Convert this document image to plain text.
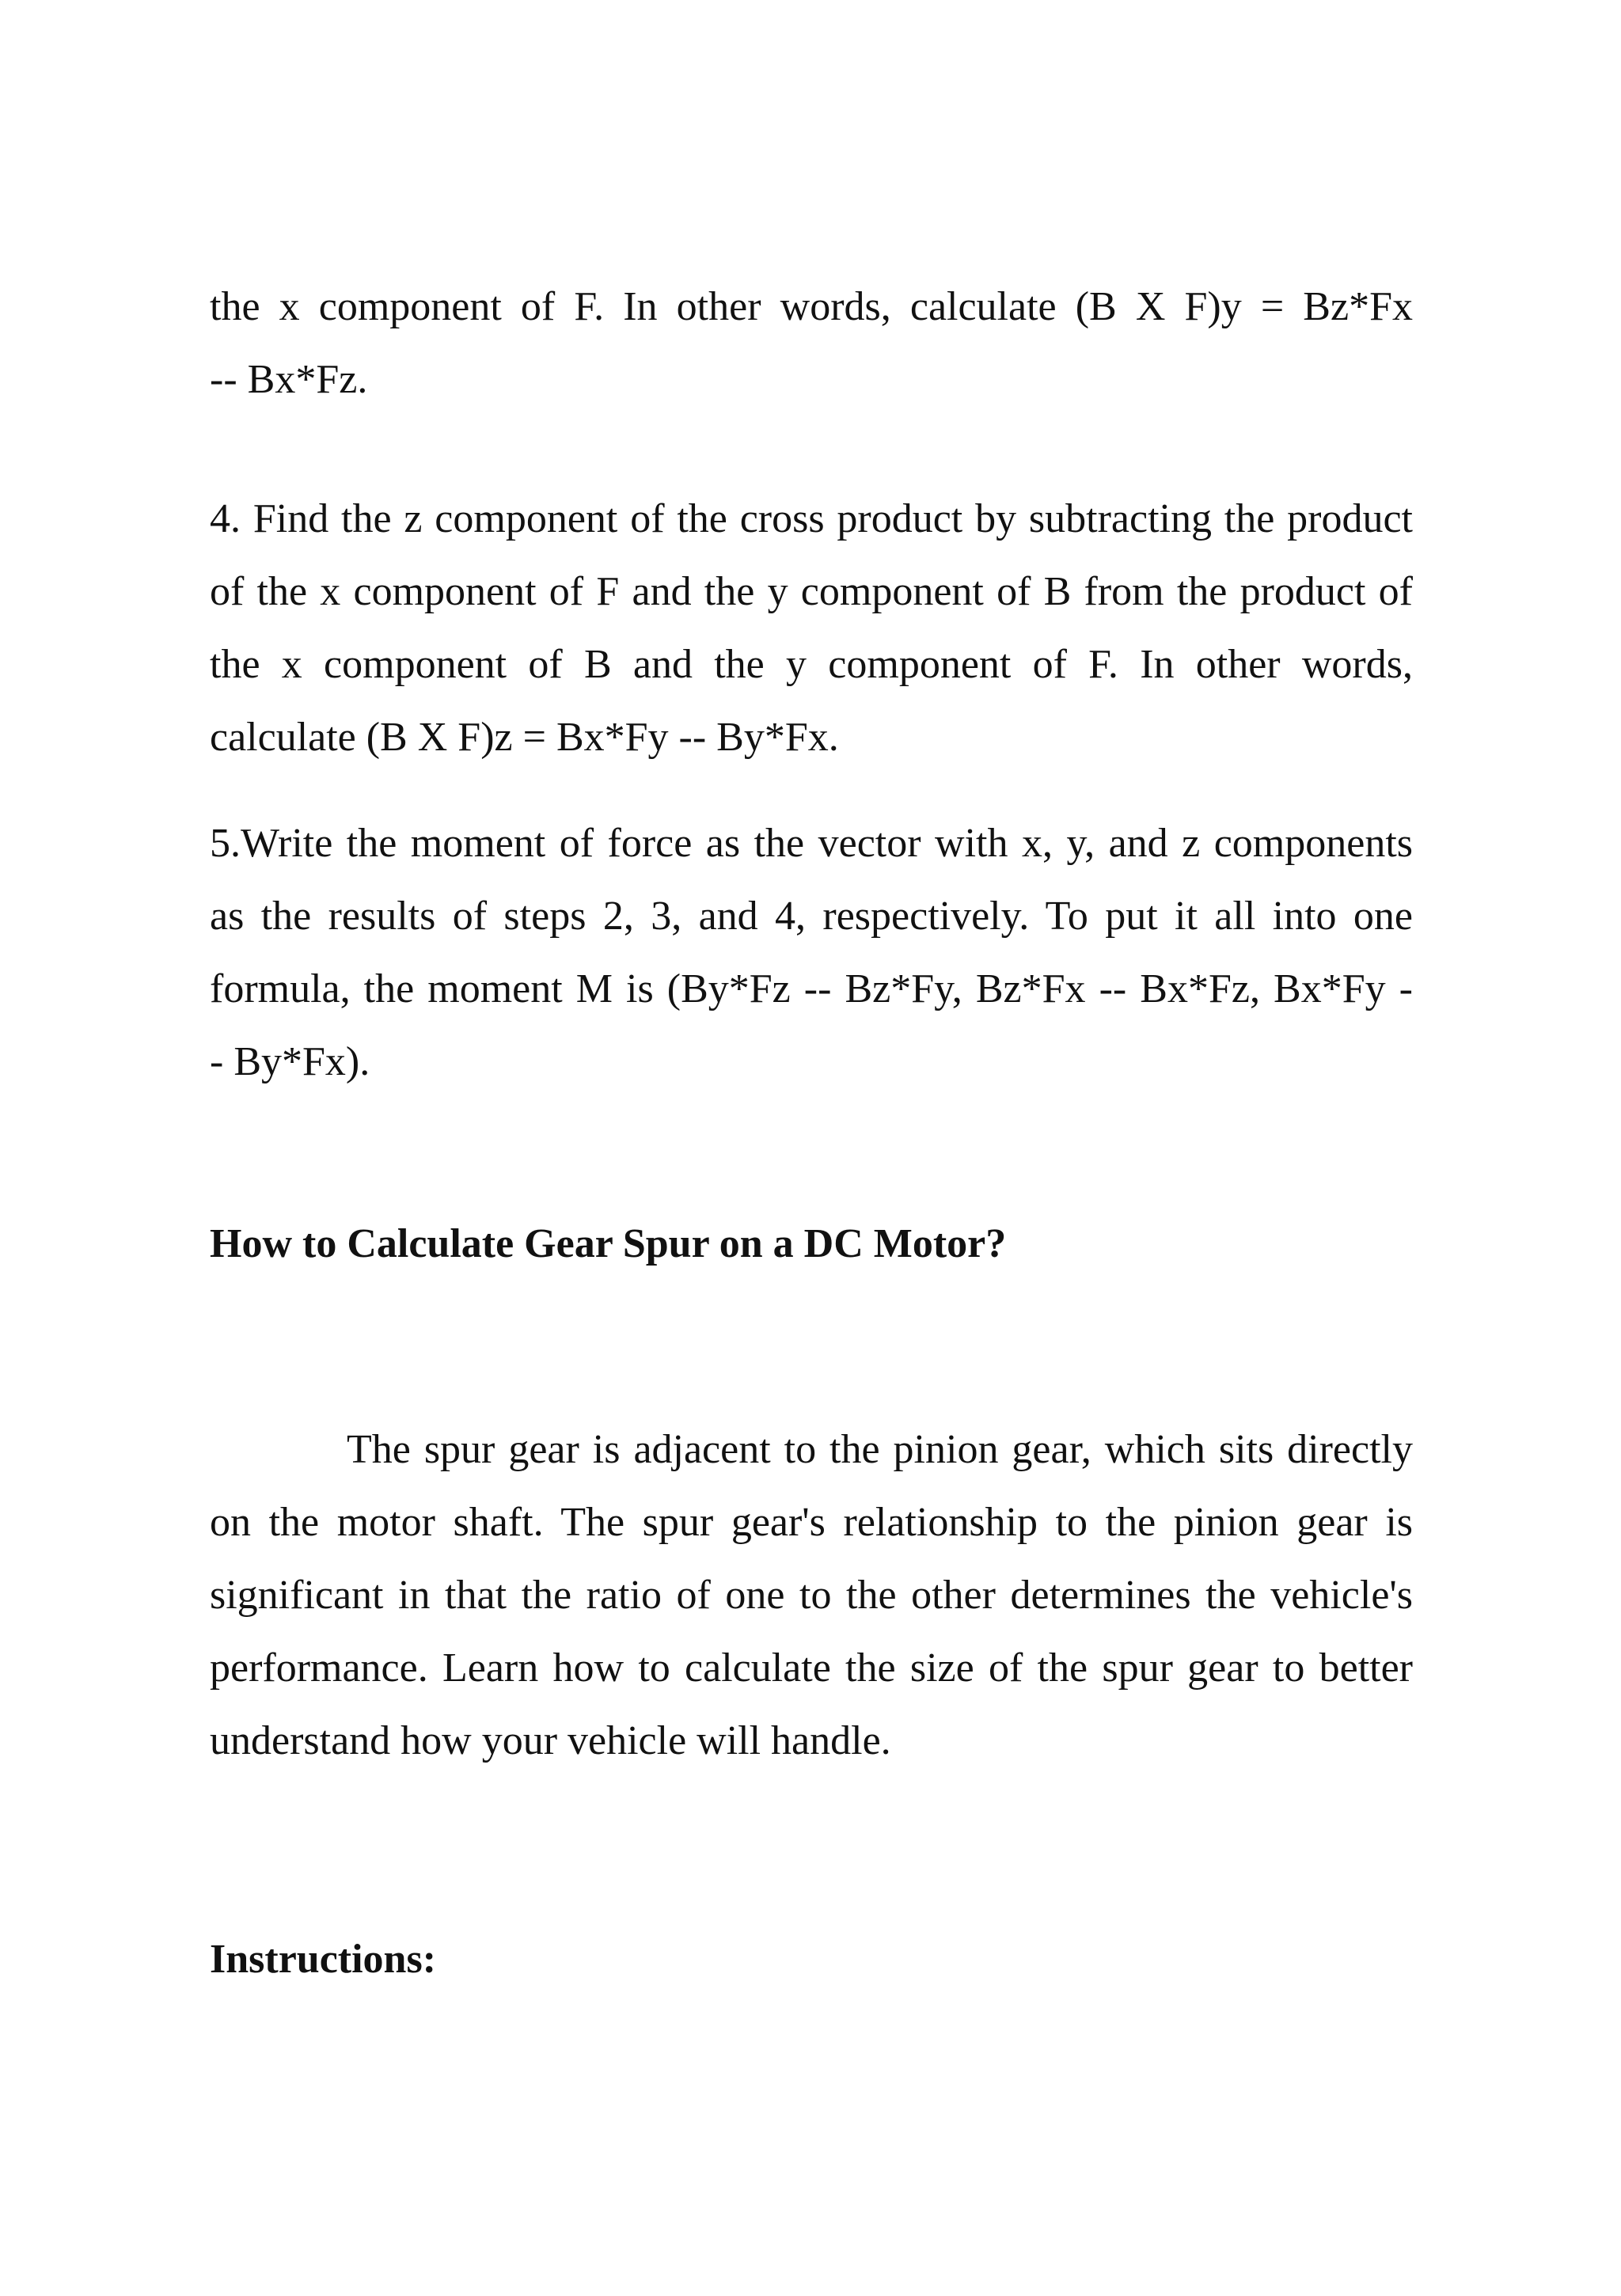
the x component of F. In other words, calculate (B X F)y = Bz*Fx

-- Bx*Fz.

4. Find the z component of the cross product by subtracting the product

of the x component of F and the y component of B from the product of

the x component of B and the y component of F. In other words,

calculate (B X F)z = Bx*Fy -- By*Fx.

5.Write the moment of force as the vector with x, y, and z components

as the results of steps 2, 3, and 4, respectively. To put it all into one

formula, the moment M is (By*Fz -- Bz*Fy, Bz*Fx -- Bx*Fz, Bx*Fy -

- By*Fx).

How to Calculate Gear Spur on a DC Motor?

The spur gear is adjacent to the pinion gear, which sits directly

on the motor shaft. The spur gear's relationship to the pinion gear is

significant in that the ratio of one to the other determines the vehicle's

performance. Learn how to calculate the size of the spur gear to better

understand how your vehicle will handle.

Instructions:
